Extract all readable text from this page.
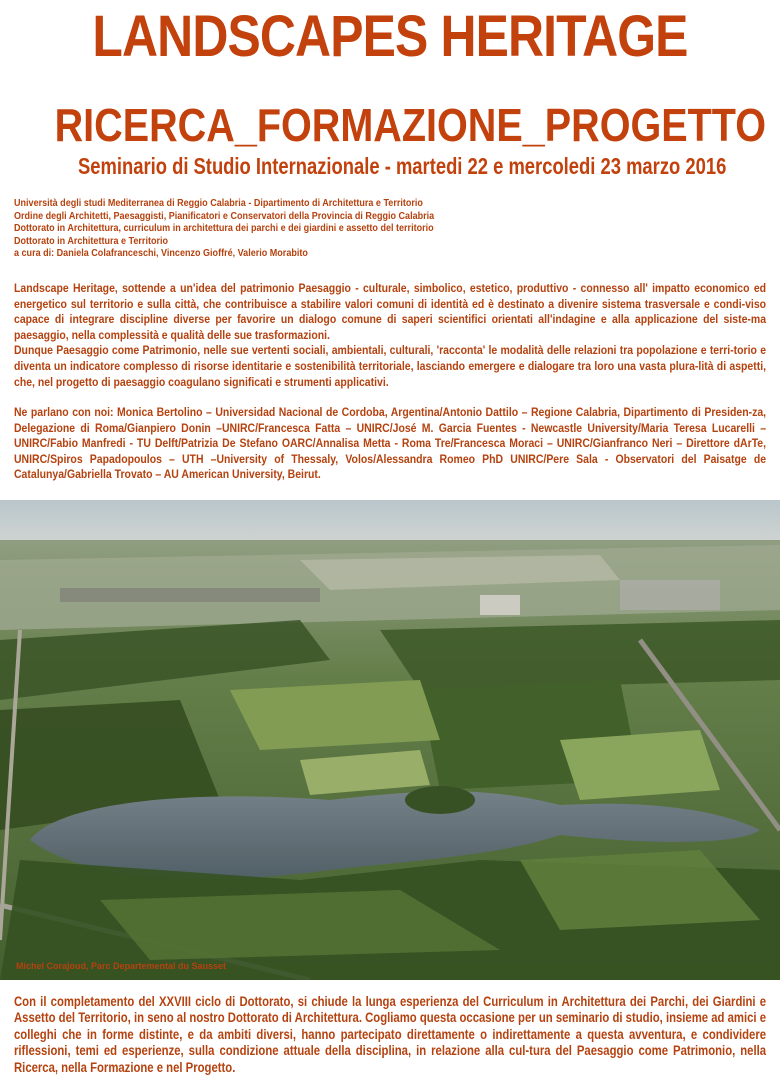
LANDSCAPES HERITAGE
RICERCA_FORMAZIONE_PROGETTO
Seminario di Studio Internazionale - martedi 22 e mercoledi 23 marzo 2016
Università degli studi Mediterranea di Reggio Calabria - Dipartimento di Architettura e Territorio
Ordine degli Architetti, Paesaggisti, Pianificatori e Conservatori della Provincia di Reggio Calabria
Dottorato in Architettura, curriculum in architettura dei parchi e dei giardini e assetto del territorio
Dottorato in Architettura e Territorio
a cura di: Daniela Colafranceschi, Vincenzo Gioffré, Valerio Morabito

Landscape Heritage, sottende a un'idea del patrimonio Paesaggio - culturale, simbolico, estetico, produttivo - connesso all' impatto economico ed energetico sul territorio e sulla città, che contribuisce a stabilire valori comuni di identità ed è destinato a divenire sistema trasversale e condi-viso capace di integrare discipline diverse per favorire un dialogo comune di saperi scientifici orientati all'indagine e alla applicazione del siste-ma paesaggio, nella complessità e qualità delle sue trasformazioni.

Dunque Paesaggio come Patrimonio, nelle sue vertenti sociali, ambientali, culturali, 'racconta' le modalità delle relazioni tra popolazione e terri-torio e diventa un indicatore complesso di risorse identitarie e sostenibilità territoriale, lasciando emergere e dialogare tra loro una vasta plura-lità di aspetti, che, nel progetto di paesaggio coagulano significati e strumenti applicativi.

Ne parlano con noi: Monica Bertolino – Universidad Nacional de Cordoba, Argentina/Antonio Dattilo – Regione Calabria, Dipartimento di Presiden-za, Delegazione di Roma/Gianpiero Donin –UNIRC/Francesca Fatta – UNIRC/José M. Garcia Fuentes - Newcastle University/Maria Teresa Lucarelli – UNIRC/Fabio Manfredi - TU Delft/Patrizia De Stefano OARC/Annalisa Metta - Roma Tre/Francesca Moraci – UNIRC/Gianfranco Neri – Direttore dArTe, UNIRC/Spiros Papadopoulos – UTH –University of Thessaly, Volos/Alessandra Romeo PhD UNIRC/Pere Sala - Observatori del Paisatge de Catalunya/Gabriella Trovato – AU American University, Beirut.
Michel Corajoud, Parc Departemental du Sausset
Con il completamento del XXVIII ciclo di Dottorato, si chiude la lunga esperienza del Curriculum in Architettura dei Parchi, dei Giardini e Assetto del Territorio, in seno al nostro Dottorato di Architettura. Cogliamo questa occasione per un seminario di studio, insieme ad amici e colleghi che in forme distinte, e da ambiti diversi, hanno partecipato direttamente o indirettamente a questa avventura, e condividere riflessioni, temi ed esperienze, sulla condizione attuale della disciplina, in relazione alla cul-tura del Paesaggio come Patrimonio, nella Ricerca, nella Formazione e nel Progetto.
